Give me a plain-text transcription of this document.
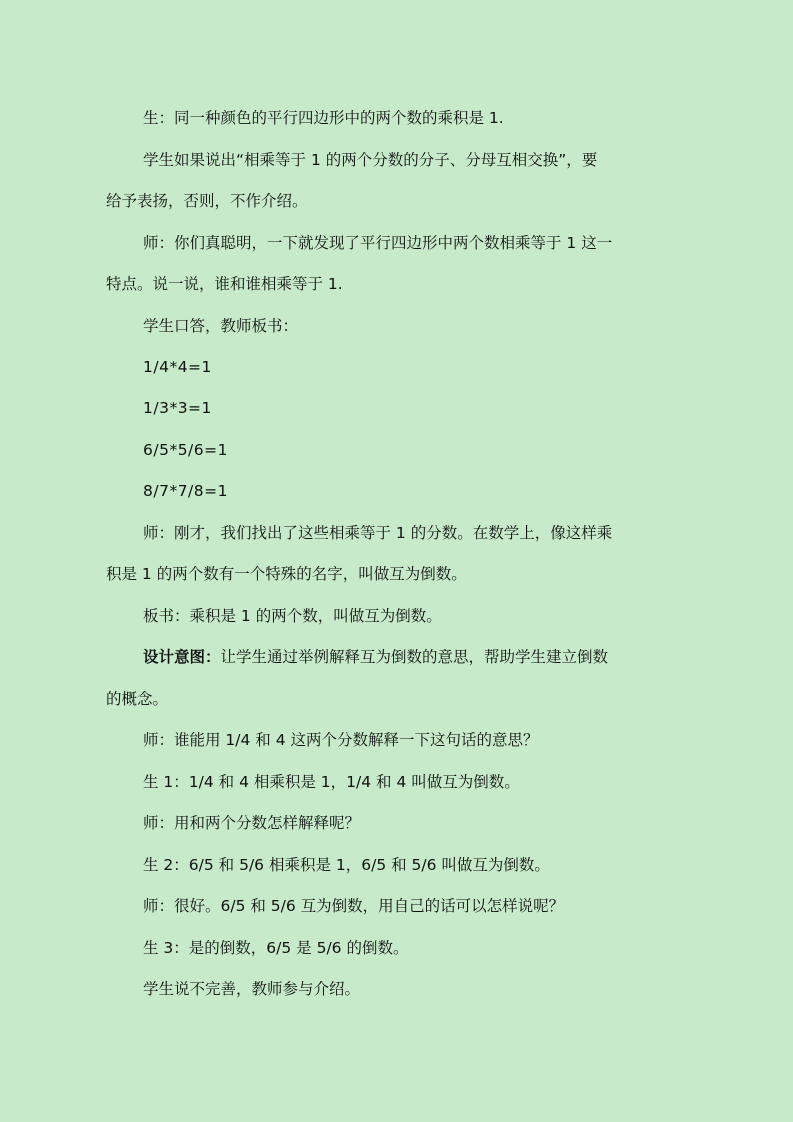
生：同一种颜色的平行四边形中的两个数的乘积是 1.
学生如果说出“相乘等于 1 的两个分数的分子、分母互相交换”，要
给予表扬，否则，不作介绍。
师：你们真聪明，一下就发现了平行四边形中两个数相乘等于 1 这一
特点。说一说，谁和谁相乘等于 1.
学生口答，教师板书：
1/4*4=1
1/3*3=1
6/5*5/6=1
8/7*7/8=1
师：刚才，我们找出了这些相乘等于 1 的分数。在数学上，像这样乘
积是 1 的两个数有一个特殊的名字，叫做互为倒数。
板书：乘积是 1 的两个数，叫做互为倒数。
设计意图：让学生通过举例解释互为倒数的意思，帮助学生建立倒数
的概念。
师：谁能用 1/4 和 4 这两个分数解释一下这句话的意思？
生 1：1/4 和 4 相乘积是 1，1/4 和 4 叫做互为倒数。
师：用和两个分数怎样解释呢？
生 2：6/5 和 5/6 相乘积是 1，6/5 和 5/6 叫做互为倒数。
师：很好。6/5 和 5/6 互为倒数，用自己的话可以怎样说呢？
生 3：是的倒数，6/5 是 5/6 的倒数。
学生说不完善，教师参与介绍。
